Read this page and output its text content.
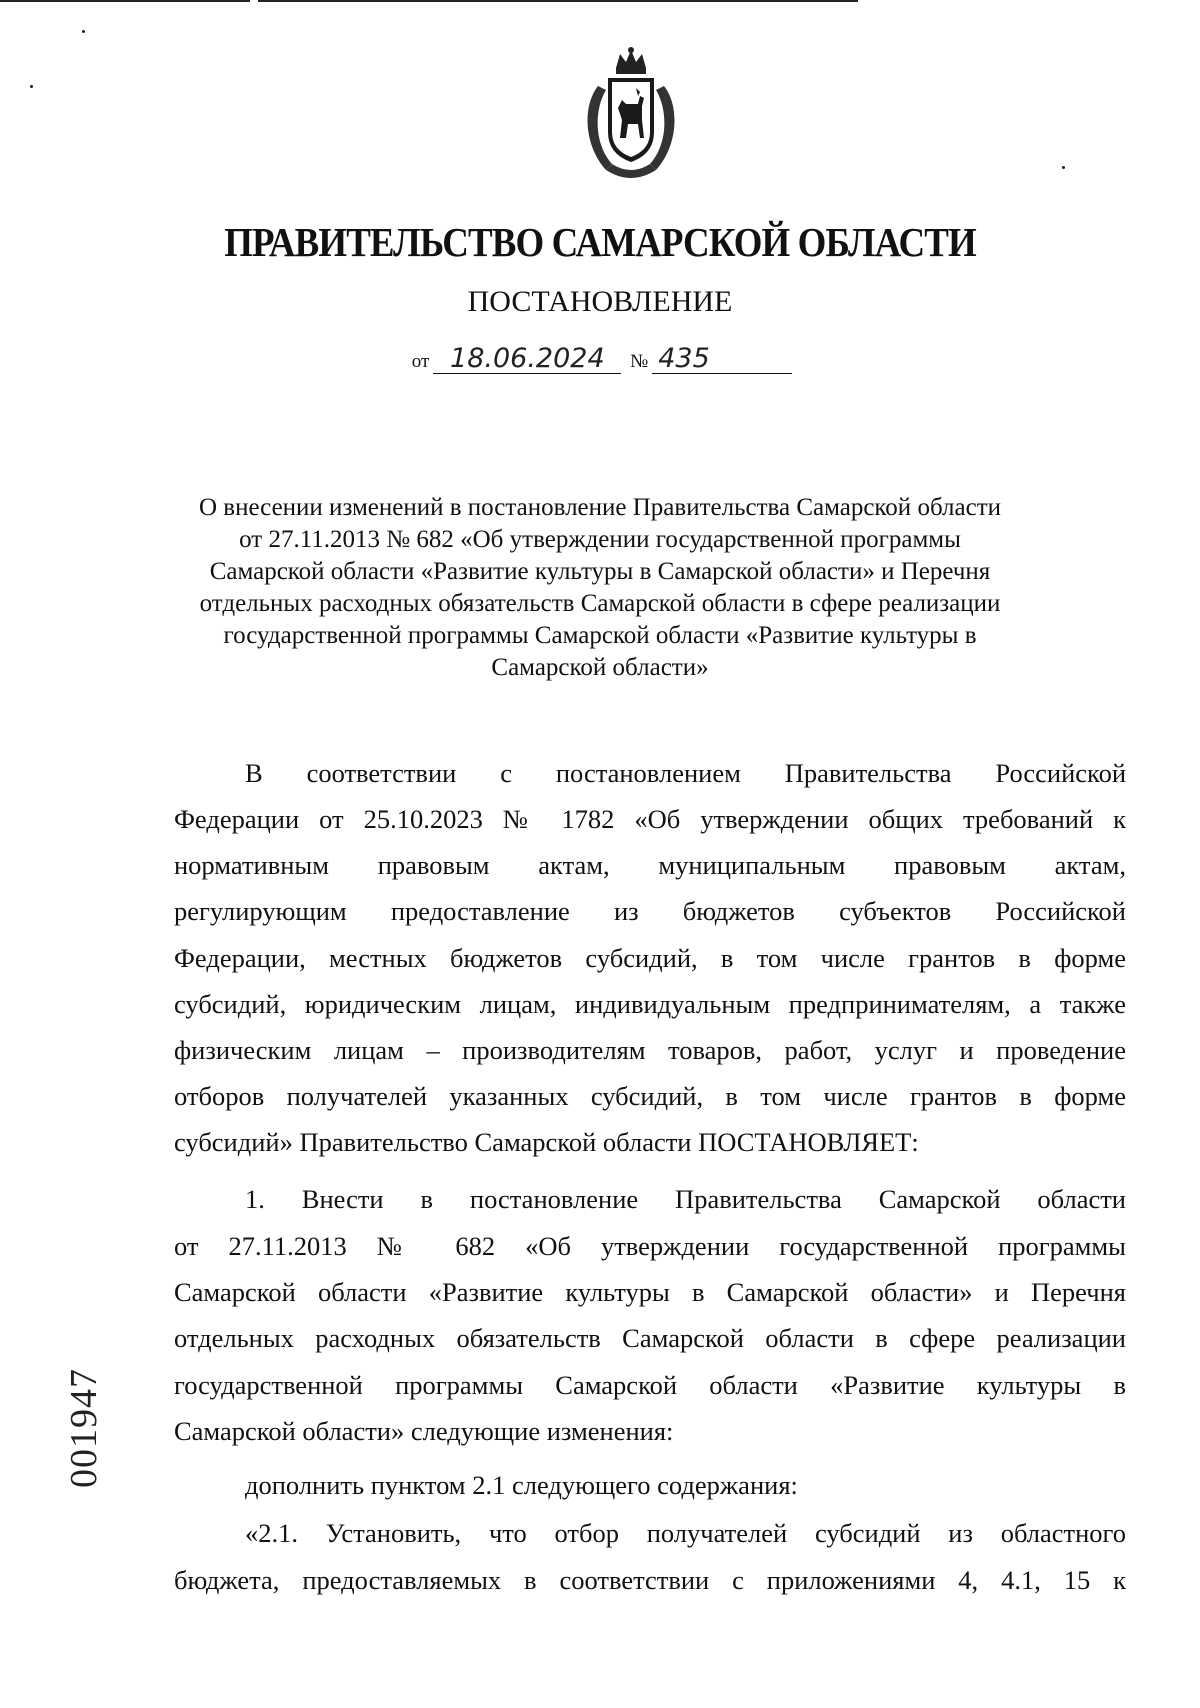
ПРАВИТЕЛЬСТВО САМАРСКОЙ ОБЛАСТИ
ПОСТАНОВЛЕНИЕ
от 18.06.2024 № 435
О внесении изменений в постановление Правительства Самарской области
от 27.11.2013 № 682 «Об утверждении государственной программы
Самарской области «Развитие культуры в Самарской области» и Перечня
отдельных расходных обязательств Самарской области в сфере реализации
государственной программы Самарской области «Развитие культуры в
Самарской области»
В соответствии с постановлением Правительства Российской
Федерации от 25.10.2023 № 1782 «Об утверждении общих требований к
нормативным правовым актам, муниципальным правовым актам,
регулирующим предоставление из бюджетов субъектов Российской
Федерации, местных бюджетов субсидий, в том числе грантов в форме
субсидий, юридическим лицам, индивидуальным предпринимателям, а также
физическим лицам – производителям товаров, работ, услуг и проведение
отборов получателей указанных субсидий, в том числе грантов в форме
субсидий» Правительство Самарской области ПОСТАНОВЛЯЕТ:
1. Внести в постановление Правительства Самарской области
от 27.11.2013 № 682 «Об утверждении государственной программы
Самарской области «Развитие культуры в Самарской области» и Перечня
отдельных расходных обязательств Самарской области в сфере реализации
государственной программы Самарской области «Развитие культуры в
Самарской области» следующие изменения:
дополнить пунктом 2.1 следующего содержания:
«2.1. Установить, что отбор получателей субсидий из областного
бюджета, предоставляемых в соответствии с приложениями 4, 4.1, 15 к
001947
